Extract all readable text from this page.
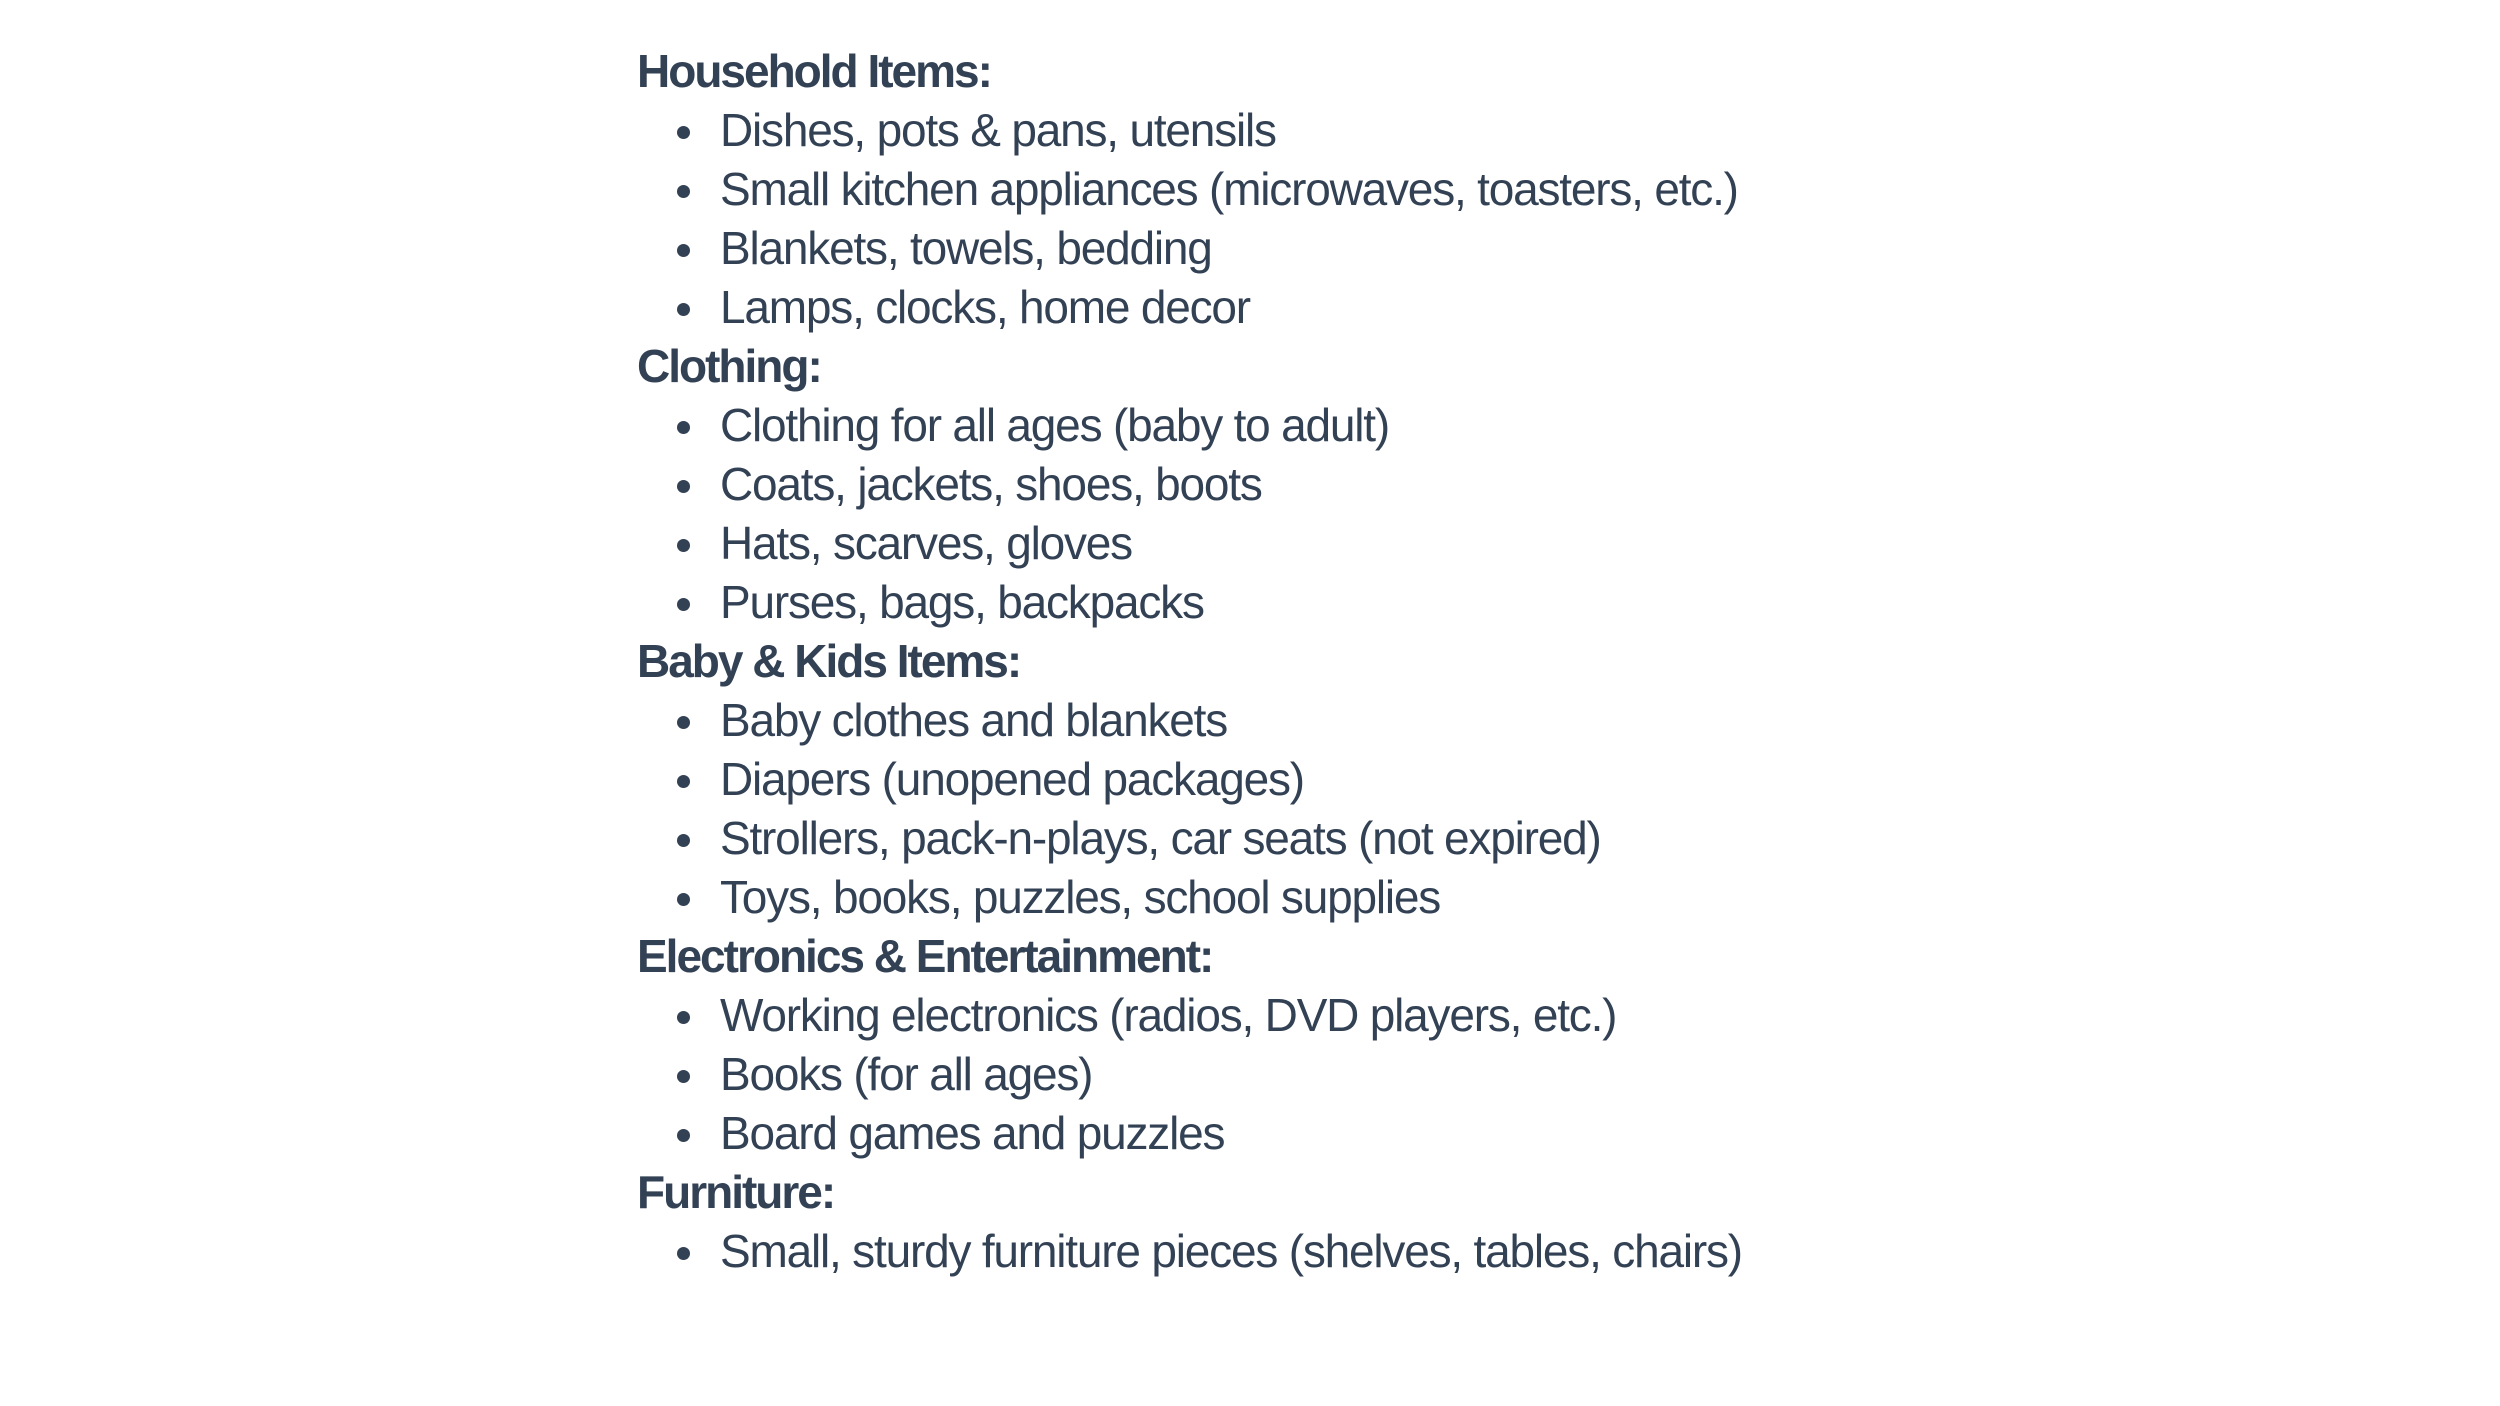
Household Items:
Dishes, pots & pans, utensils
Small kitchen appliances (microwaves, toasters, etc.)
Blankets, towels, bedding
Lamps, clocks, home decor
Clothing:
Clothing for all ages (baby to adult)
Coats, jackets, shoes, boots
Hats, scarves, gloves
Purses, bags, backpacks
Baby & Kids Items:
Baby clothes and blankets
Diapers (unopened packages)
Strollers, pack-n-plays, car seats (not expired)
Toys, books, puzzles, school supplies
Electronics & Entertainment:
Working electronics (radios, DVD players, etc.)
Books (for all ages)
Board games and puzzles
Furniture:
Small, sturdy furniture pieces (shelves, tables, chairs)
